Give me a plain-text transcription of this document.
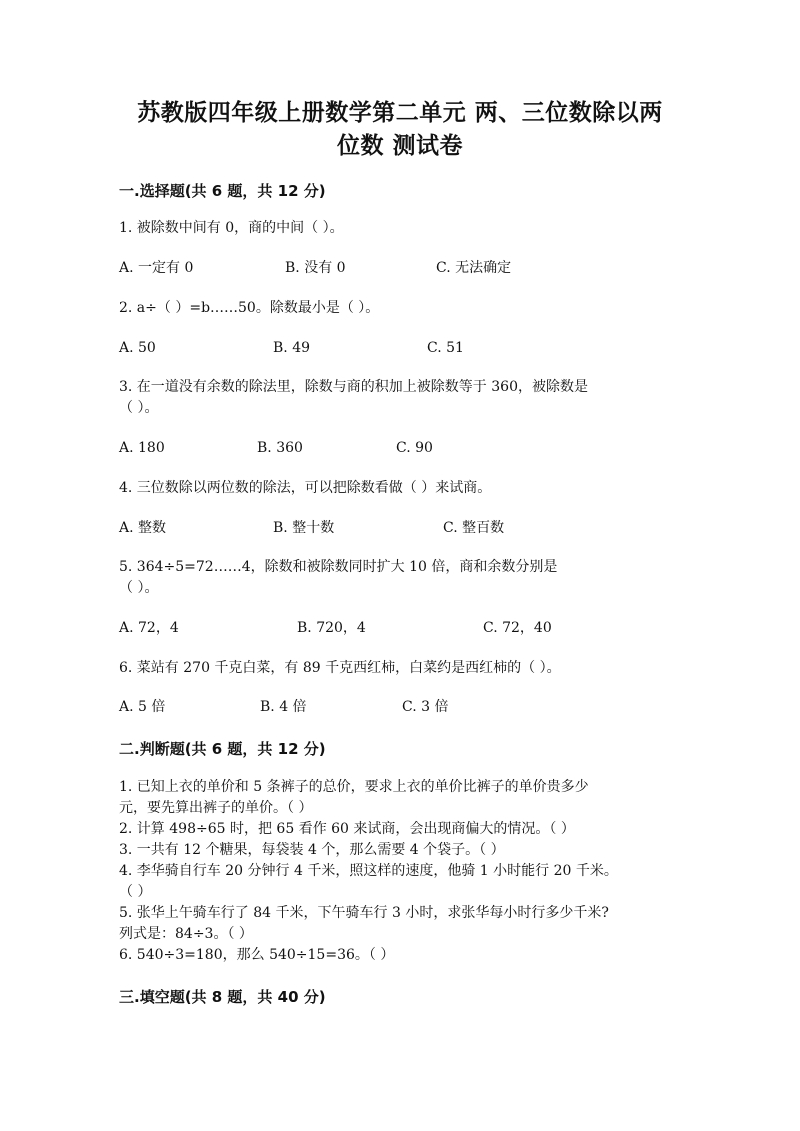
苏教版四年级上册数学第二单元 两、三位数除以两
位数 测试卷
一.选择题(共 6 题，共 12 分)
1. 被除数中间有 0，商的中间（ ）。
A. 一定有 0	B. 没有 0	C. 无法确定
2. a÷（ ）=b……50。除数最小是（ ）。
A. 50	B. 49	C. 51
3. 在一道没有余数的除法里，除数与商的积加上被除数等于 360，被除数是
（ ）。
A. 180	B. 360	C. 90
4. 三位数除以两位数的除法，可以把除数看做（ ）来试商。
A. 整数	B. 整十数	C. 整百数
5. 364÷5=72……4，除数和被除数同时扩大 10 倍，商和余数分别是
（ ）。
A. 72，4	B. 720，4	C. 72，40
6. 菜站有 270 千克白菜，有 89 千克西红柿，白菜约是西红柿的（ ）。
A. 5 倍	B. 4 倍	C. 3 倍
二.判断题(共 6 题，共 12 分)
1. 已知上衣的单价和 5 条裤子的总价，要求上衣的单价比裤子的单价贵多少
元，要先算出裤子的单价。（ ）
2. 计算 498÷65 时，把 65 看作 60 来试商，会出现商偏大的情况。（ ）
3. 一共有 12 个糖果，每袋装 4 个，那么需要 4 个袋子。（ ）
4. 李华骑自行车 20 分钟行 4 千米，照这样的速度，他骑 1 小时能行 20 千米。
（ ）
5. 张华上午骑车行了 84 千米，下午骑车行 3 小时，求张华每小时行多少千米?
列式是：84÷3。（ ）
6. 540÷3=180，那么 540÷15=36。（ ）
三.填空题(共 8 题，共 40 分)
